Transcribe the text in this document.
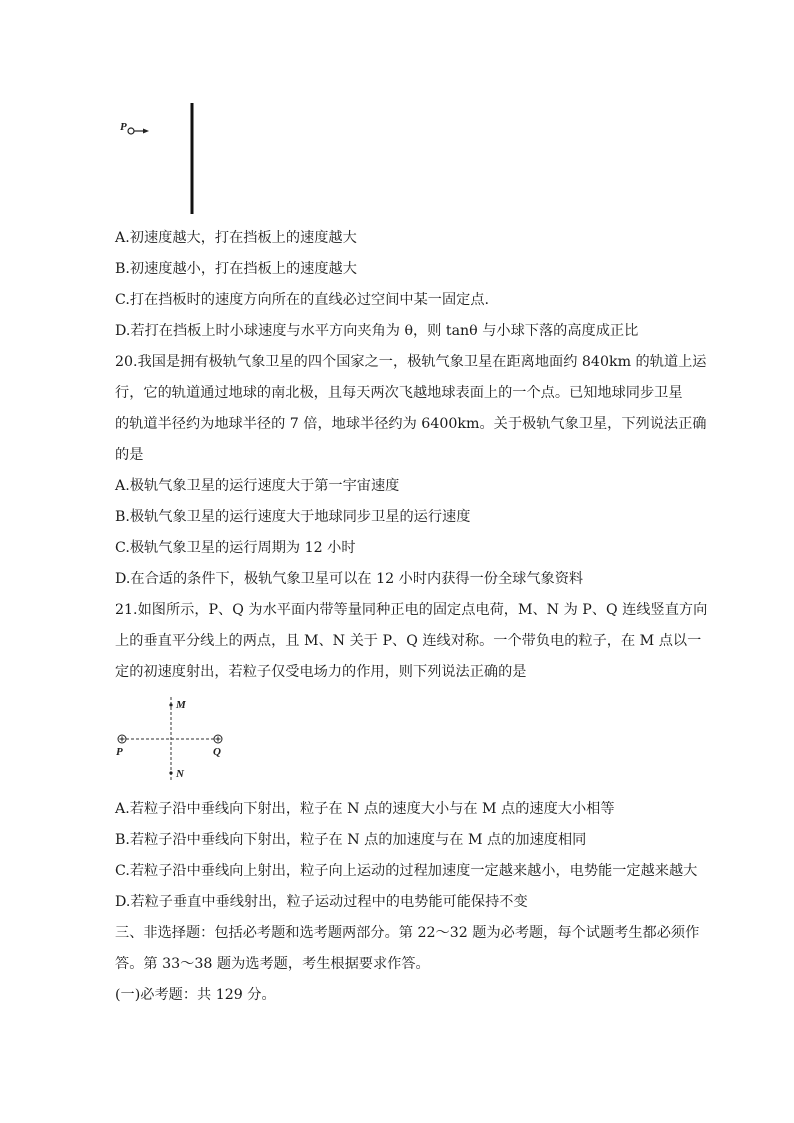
P
A.初速度越大，打在挡板上的速度越大
B.初速度越小，打在挡板上的速度越大
C.打在挡板时的速度方向所在的直线必过空间中某一固定点.
D.若打在挡板上时小球速度与水平方向夹角为 θ，则 tanθ 与小球下落的高度成正比
20.我国是拥有极轨气象卫星的四个国家之一，极轨气象卫星在距离地面约 840km 的轨道上运
行，它的轨道通过地球的南北极，且每天两次飞越地球表面上的一个点。已知地球同步卫星
的轨道半径约为地球半径的 7 倍，地球半径约为 6400km。关于极轨气象卫星，下列说法正确
的是
A.极轨气象卫星的运行速度大于第一宇宙速度
B.极轨气象卫星的运行速度大于地球同步卫星的运行速度
C.极轨气象卫星的运行周期为 12 小时
D.在合适的条件下，极轨气象卫星可以在 12 小时内获得一份全球气象资料
21.如图所示，P、Q 为水平面内带等量同种正电的固定点电荷，M、N 为 P、Q 连线竖直方向
上的垂直平分线上的两点，且 M、N 关于 P、Q 连线对称。一个带负电的粒子，在 M 点以一
定的初速度射出，若粒子仅受电场力的作用，则下列说法正确的是
M
N
P	Q
A.若粒子沿中垂线向下射出，粒子在 N 点的速度大小与在 M 点的速度大小相等
B.若粒子沿中垂线向下射出，粒子在 N 点的加速度与在 M 点的加速度相同
C.若粒子沿中垂线向上射出，粒子向上运动的过程加速度一定越来越小，电势能一定越来越大
D.若粒子垂直中垂线射出，粒子运动过程中的电势能可能保持不变
三、非选择题：包括必考题和选考题两部分。第 22～32 题为必考题，每个试题考生都必须作
答。第 33～38 题为选考题，考生根据要求作答。
(一)必考题：共 129 分。
